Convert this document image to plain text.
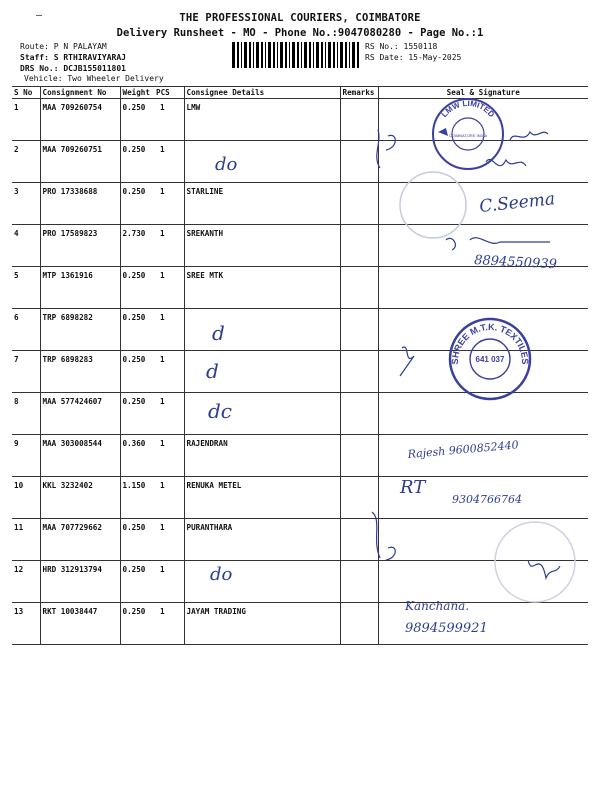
–	THE PROFESSIONAL COURIERS, COIMBATORE
Delivery Runsheet - MO - Phone No.:9047080280 - Page No.:1
Route: P N PALAYAM
Staff: S RTHIRAVIYARAJ
DRS No.: DCJB155011801
Vehicle: Two Wheeler Delivery
RS No.: 1550118
RS Date: 15-May-2025
S No	Consignment No	Weight	PCS	Consignee Details	Remarks	Seal & Signature
1	MAA 709260754	0.250	1	LMW		
2	MAA 709260751	0.250	1			
3	PRO 17338688	0.250	1	STARLINE		
4	PRO 17589823	2.730	1	SREKANTH		
5	MTP 1361916	0.250	1	SREE MTK		
6	TRP 6898282	0.250	1			
7	TRP 6898283	0.250	1			
8	MAA 577424607	0.250	1			
9	MAA 303008544	0.360	1	RAJENDRAN		
10	KKL 3232402	1.150	1	RENUKA METEL		
11	MAA 707729662	0.250	1	PURANTHARA		
12	HRD 312913794	0.250	1			
13	RKT 10038447	0.250	1	JAYAM TRADING		
LMW LIMITED
COIMBATORE INDIA
SHREE M.T.K. TEXTILES
641 037
do
d
d
dc
do
C.Seema
8894550939
Rajesh 9600852440
RT
9304766764
Kanchana.
9894599921
